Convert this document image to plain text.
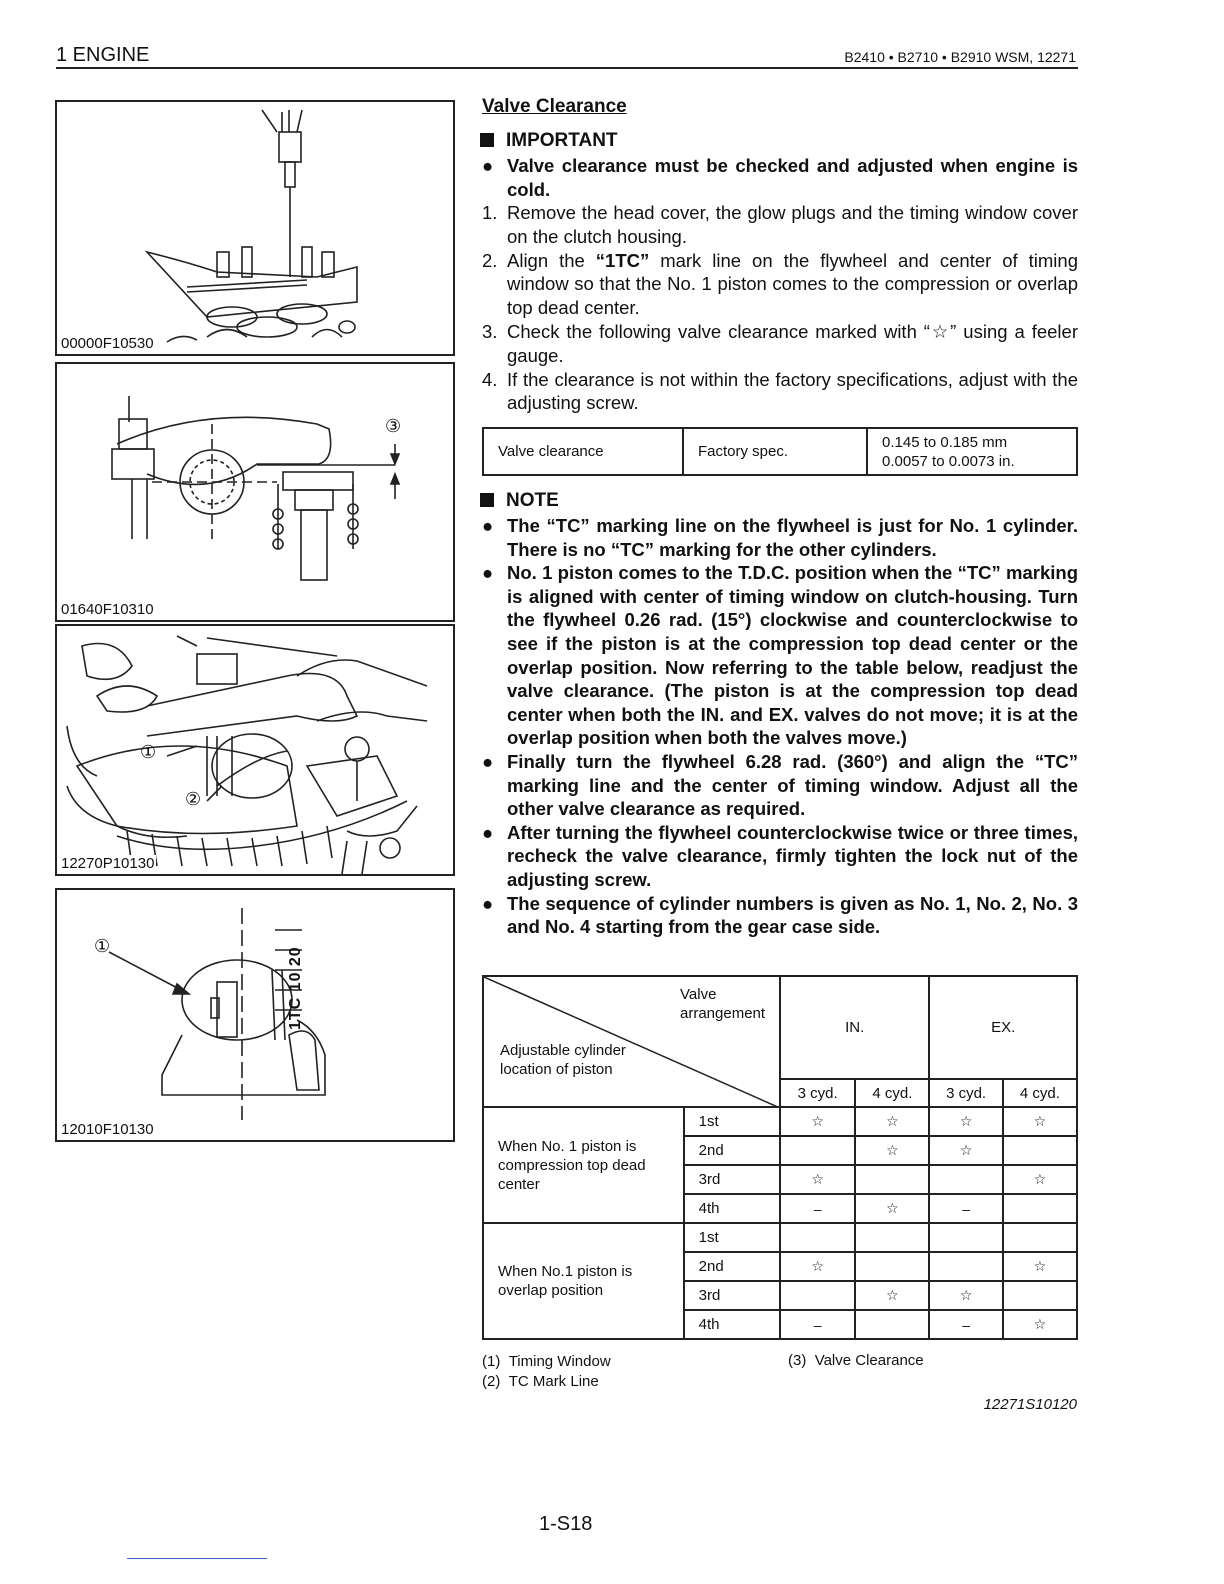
1 ENGINE	B2410 • B2710 • B2910 WSM, 12271
00000F10530
③
01640F10310
①
②
12270P10130
1TC 10 20
①
12010F10130
Valve Clearance
IMPORTANT
● Valve clearance must be checked and adjusted when engine is cold.
1. Remove the head cover, the glow plugs and the timing window cover on the clutch housing.
2. Align the “1TC” mark line on the flywheel and center of timing window so that the No. 1 piston comes to the compression or overlap top dead center.
3. Check the following valve clearance marked with “☆” using a feeler gauge.
4. If the clearance is not within the factory specifications, adjust with the adjusting screw.
Valve clearance	Factory spec.	
0.145 to 0.185 mm
0.0057 to 0.0073 in.
NOTE
● The “TC” marking line on the flywheel is just for No. 1 cylinder. There is no “TC” marking for the other cylinders.
● No. 1 piston comes to the T.D.C. position when the “TC” marking is aligned with center of timing window on clutch-housing. Turn the flywheel 0.26 rad. (15°) clockwise and counterclockwise to see if the piston is at the compression top dead center or the overlap position. Now referring to the table below, readjust the valve clearance. (The piston is at the compression top dead center when both the IN. and EX. valves do not move; it is at the overlap position when both the valves move.)
● Finally turn the flywheel 6.28 rad. (360°) and align the “TC” marking line and the center of timing window. Adjust all the other valve clearance as required.
● After turning the flywheel counterclockwise twice or three times, recheck the valve clearance, firmly tighten the lock nut of the adjusting screw.
● The sequence of cylinder numbers is given as No. 1, No. 2, No. 3 and No. 4 starting from the gear case side.
Valve arrangement
Adjustable cylinder location of piston		IN.		EX.	
		3 cyd.	4 cyd.	3 cyd.	4 cyd.
When No. 1 piston is compression top dead center	1st	☆	☆	☆	☆
	2nd		☆	☆	
	3rd	☆			☆
	4th	–	☆	–	
When No.1 piston is overlap position	1st				
	2nd	☆			☆
	3rd		☆	☆	
	4th	–		–	☆
(1) Timing Window
(2) TC Mark Line
(3) Valve Clearance
12271S10120
1-S18
